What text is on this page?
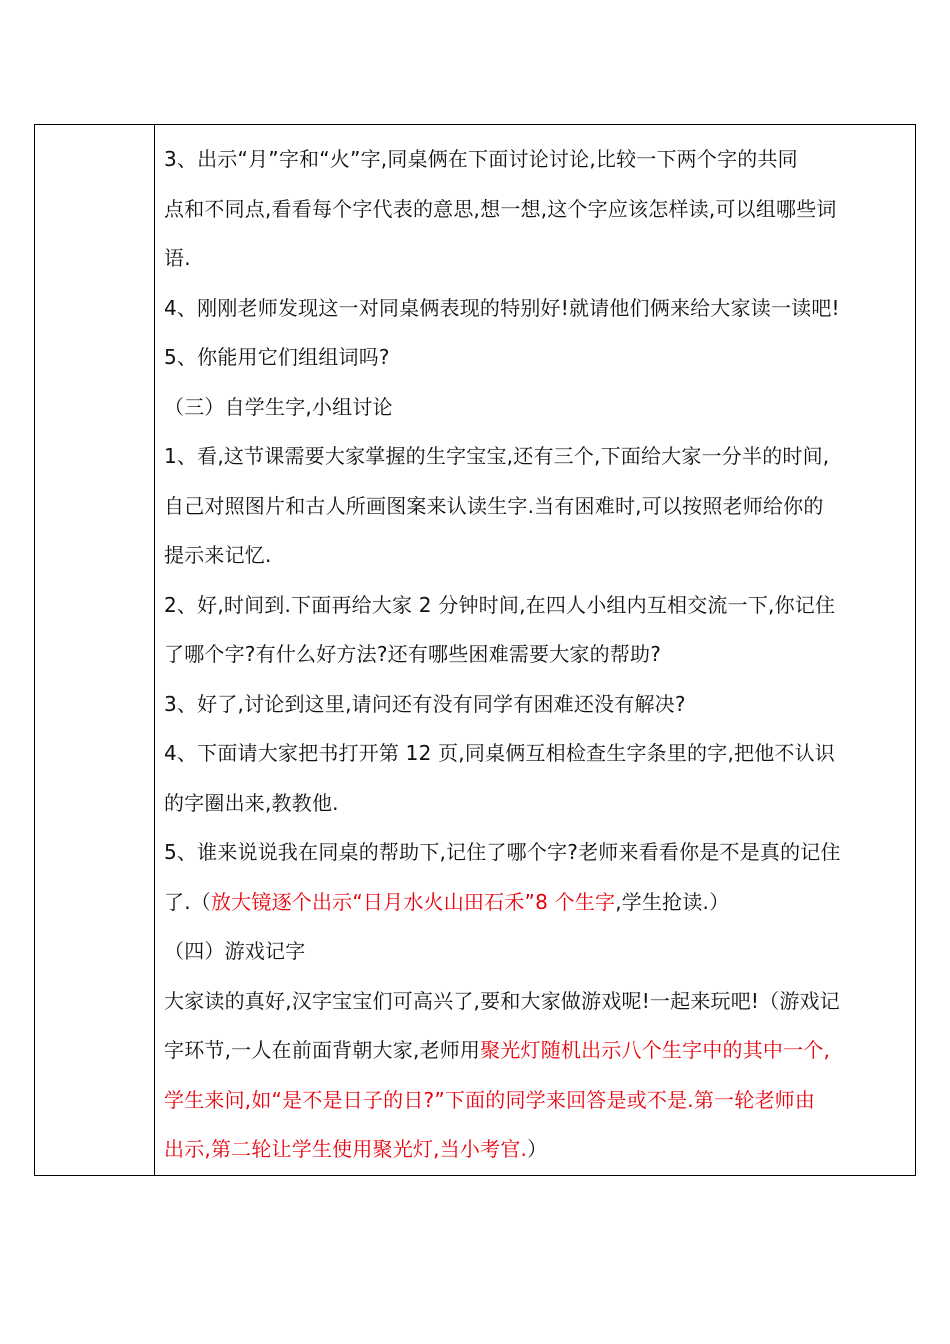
3、出示“月”字和“火”字,同桌俩在下面讨论讨论,比较一下两个字的共同
点和不同点,看看每个字代表的意思,想一想,这个字应该怎样读,可以组哪些词
语.
4、刚刚老师发现这一对同桌俩表现的特别好!就请他们俩来给大家读一读吧!
5、你能用它们组组词吗?
（三）自学生字,小组讨论
1、看,这节课需要大家掌握的生字宝宝,还有三个,下面给大家一分半的时间,
自己对照图片和古人所画图案来认读生字.当有困难时,可以按照老师给你的
提示来记忆.
2、好,时间到.下面再给大家 2 分钟时间,在四人小组内互相交流一下,你记住
了哪个字?有什么好方法?还有哪些困难需要大家的帮助?
3、好了,讨论到这里,请问还有没有同学有困难还没有解决?
4、下面请大家把书打开第 12 页,同桌俩互相检查生字条里的字,把他不认识
的字圈出来,教教他.
5、谁来说说我在同桌的帮助下,记住了哪个字?老师来看看你是不是真的记住
了.（放大镜逐个出示“日月水火山田石禾”8 个生字,学生抢读.）
（四）游戏记字
大家读的真好,汉字宝宝们可高兴了,要和大家做游戏呢!一起来玩吧!（游戏记
字环节,一人在前面背朝大家,老师用聚光灯随机出示八个生字中的其中一个,
学生来问,如“是不是日子的日?”下面的同学来回答是或不是.第一轮老师由
出示,第二轮让学生使用聚光灯,当小考官.）
